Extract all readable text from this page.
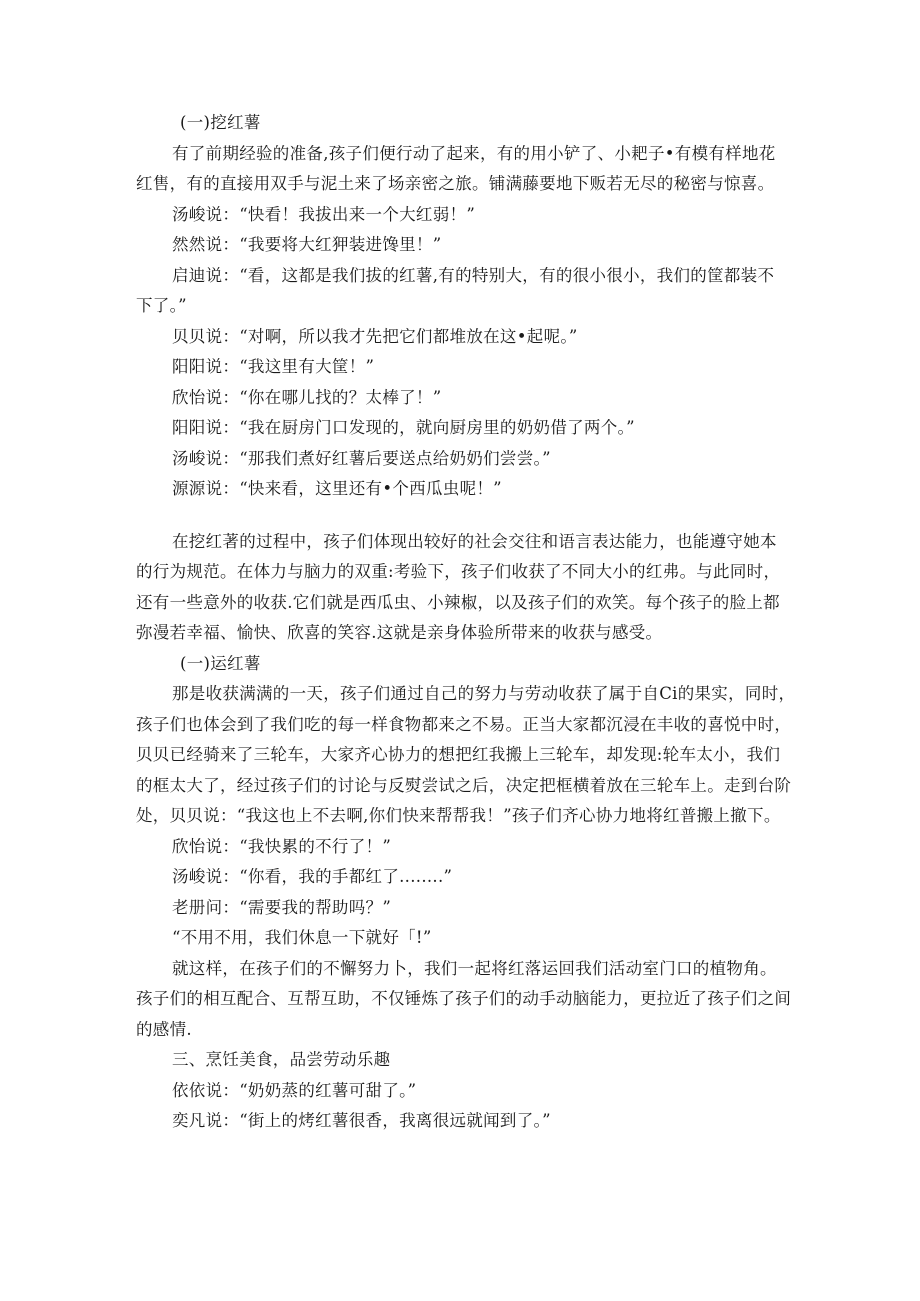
(一)挖红薯
有了前期经验的准备,孩子们便行动了起来，有的用小铲了、小耙子•有模有样地花
红售，有的直接用双手与泥土来了场亲密之旅。铺满藤要地下贩若无尽的秘密与惊喜。
汤峻说：“快看！我拔出来一个大红弱！”
然然说：“我要将大红狎装进馋里！”
启迪说：“看，这都是我们拔的红薯,有的特别大，有的很小很小，我们的筐都装不
下了。”
贝贝说：“对啊，所以我才先把它们都堆放在这•起呢。”
阳阳说：“我这里有大筐！”
欣怡说：“你在哪儿找的？太棒了！”
阳阳说：“我在厨房门口发现的，就向厨房里的奶奶借了两个。”
汤峻说：“那我们煮好红薯后要送点给奶奶们尝尝。”
源源说：“快来看，这里还有•个西瓜虫呢！”
在挖红著的过程中，孩子们体现出较好的社会交往和语言表达能力，也能遵守她本
的行为规范。在体力与脑力的双重:考验下，孩子们收获了不同大小的红弗。与此同时，
还有一些意外的收获.它们就是西瓜虫、小辣椒，以及孩子们的欢笑。每个孩子的脸上都
弥漫若幸福、愉快、欣喜的笑容.这就是亲身体验所带来的收获与感受。
(一)运红薯
那是收获满满的一天，孩子们通过自己的努力与劳动收获了属于自Ci的果实，同时，
孩子们也体会到了我们吃的每一样食物都来之不易。正当大家都沉浸在丰收的喜悦中时，
贝贝已经骑来了三轮车，大家齐心协力的想把红我搬上三轮车，却发现:轮车太小，我们
的框太大了，经过孩子们的讨论与反熨尝试之后，决定把框横着放在三轮车上。走到台阶
处，贝贝说：“我这也上不去啊,你们快来帮帮我！”孩子们齐心协力地将红普搬上撤下。
欣怡说：“我快累的不行了！”
汤峻说：“你看，我的手都红了........”
老册问：“需要我的帮助吗？”
“不用不用，我们休息一下就好「!”
就这样，在孩子们的不懈努力卜，我们一起将红落运回我们活动室门口的植物角。
孩子们的相互配合、互帮互助，不仅锤炼了孩子们的动手动脑能力，更拉近了孩子们之间
的感情.
三、烹饪美食，品尝劳动乐趣
依依说：“奶奶蒸的红薯可甜了。”
奕凡说：“街上的烤红薯很香，我离很远就闻到了。”
